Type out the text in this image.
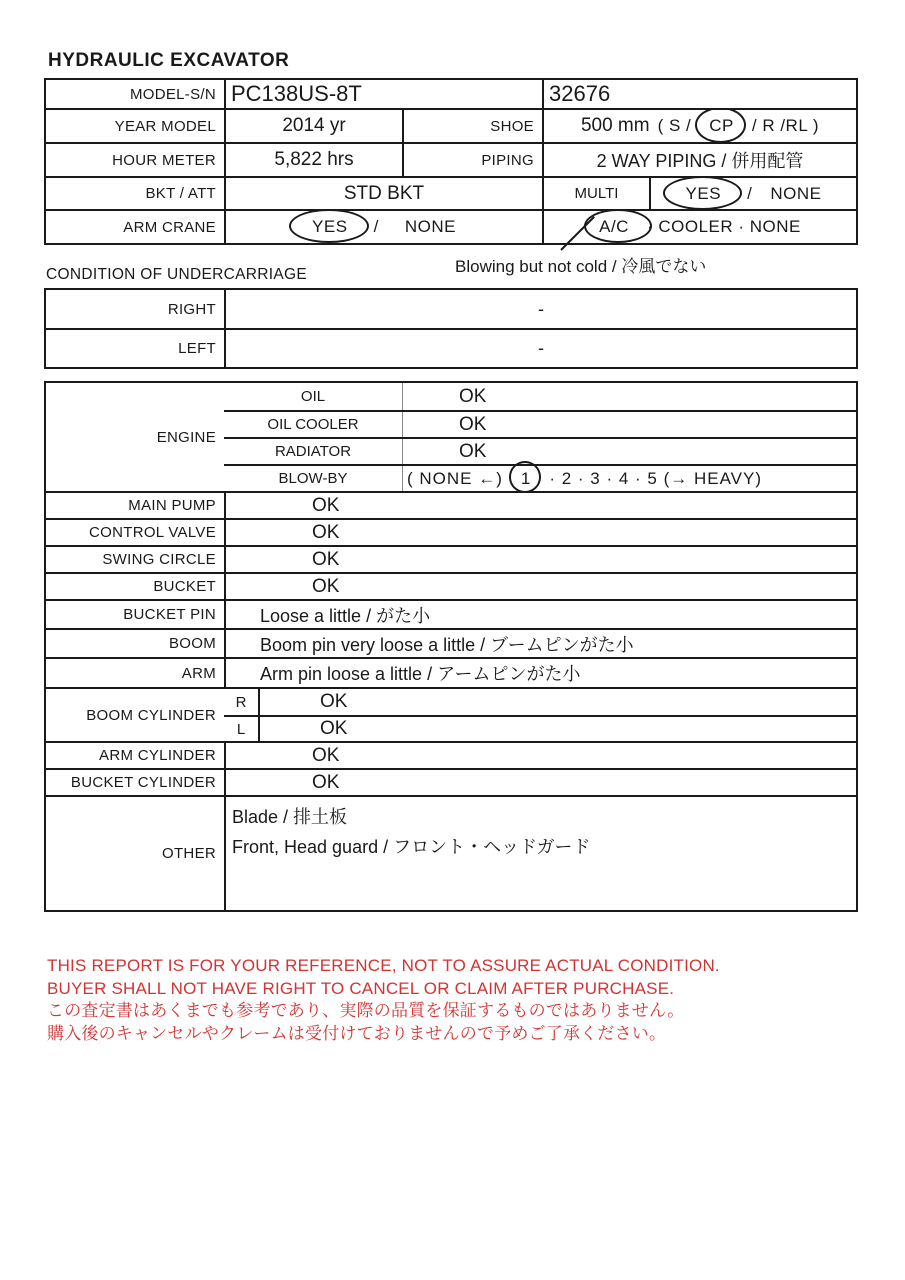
HYDRAULIC EXCAVATOR
MODEL-S/N PC138US-8T	32676
YEAR MODEL	2014 yr	SHOE	500 mm ( S / CP / R /RL )
HOUR METER	5,822 hrs	PIPING	2 WAY PIPING / 併用配管
BKT / ATT	STD BKT	MULTI	YES / NONE
ARM CRANE	YES / NONE	A/C · COOLER · NONE
Blowing but not cold / 冷風でない
CONDITION OF UNDERCARRIAGE
RIGHT	-
LEFT	-
ENGINE
OIL	OK
OIL COOLER	OK
RADIATOR	OK
BLOW-BY	( NONE ←) 1 · 2 · 3 · 4 · 5 (→ HEAVY)
MAIN PUMP	OK
CONTROL VALVE	OK
SWING CIRCLE	OK
BUCKET	OK
BUCKET PIN	Loose a little / がた小
BOOM	Boom pin very loose a little / ブームピンがた小
ARM	Arm pin loose a little / アームピンがた小
BOOM CYLINDER
R	OK
L	OK
ARM CYLINDER	OK
BUCKET CYLINDER	OK
OTHER
Blade / 排土板
Front, Head guard / フロント・ヘッドガード
THIS REPORT IS FOR YOUR REFERENCE, NOT TO ASSURE ACTUAL CONDITION.
BUYER SHALL NOT HAVE RIGHT TO CANCEL OR CLAIM AFTER PURCHASE.
この査定書はあくまでも参考であり、実際の品質を保証するものではありません。
購入後のキャンセルやクレームは受付けておりませんので予めご了承ください。
